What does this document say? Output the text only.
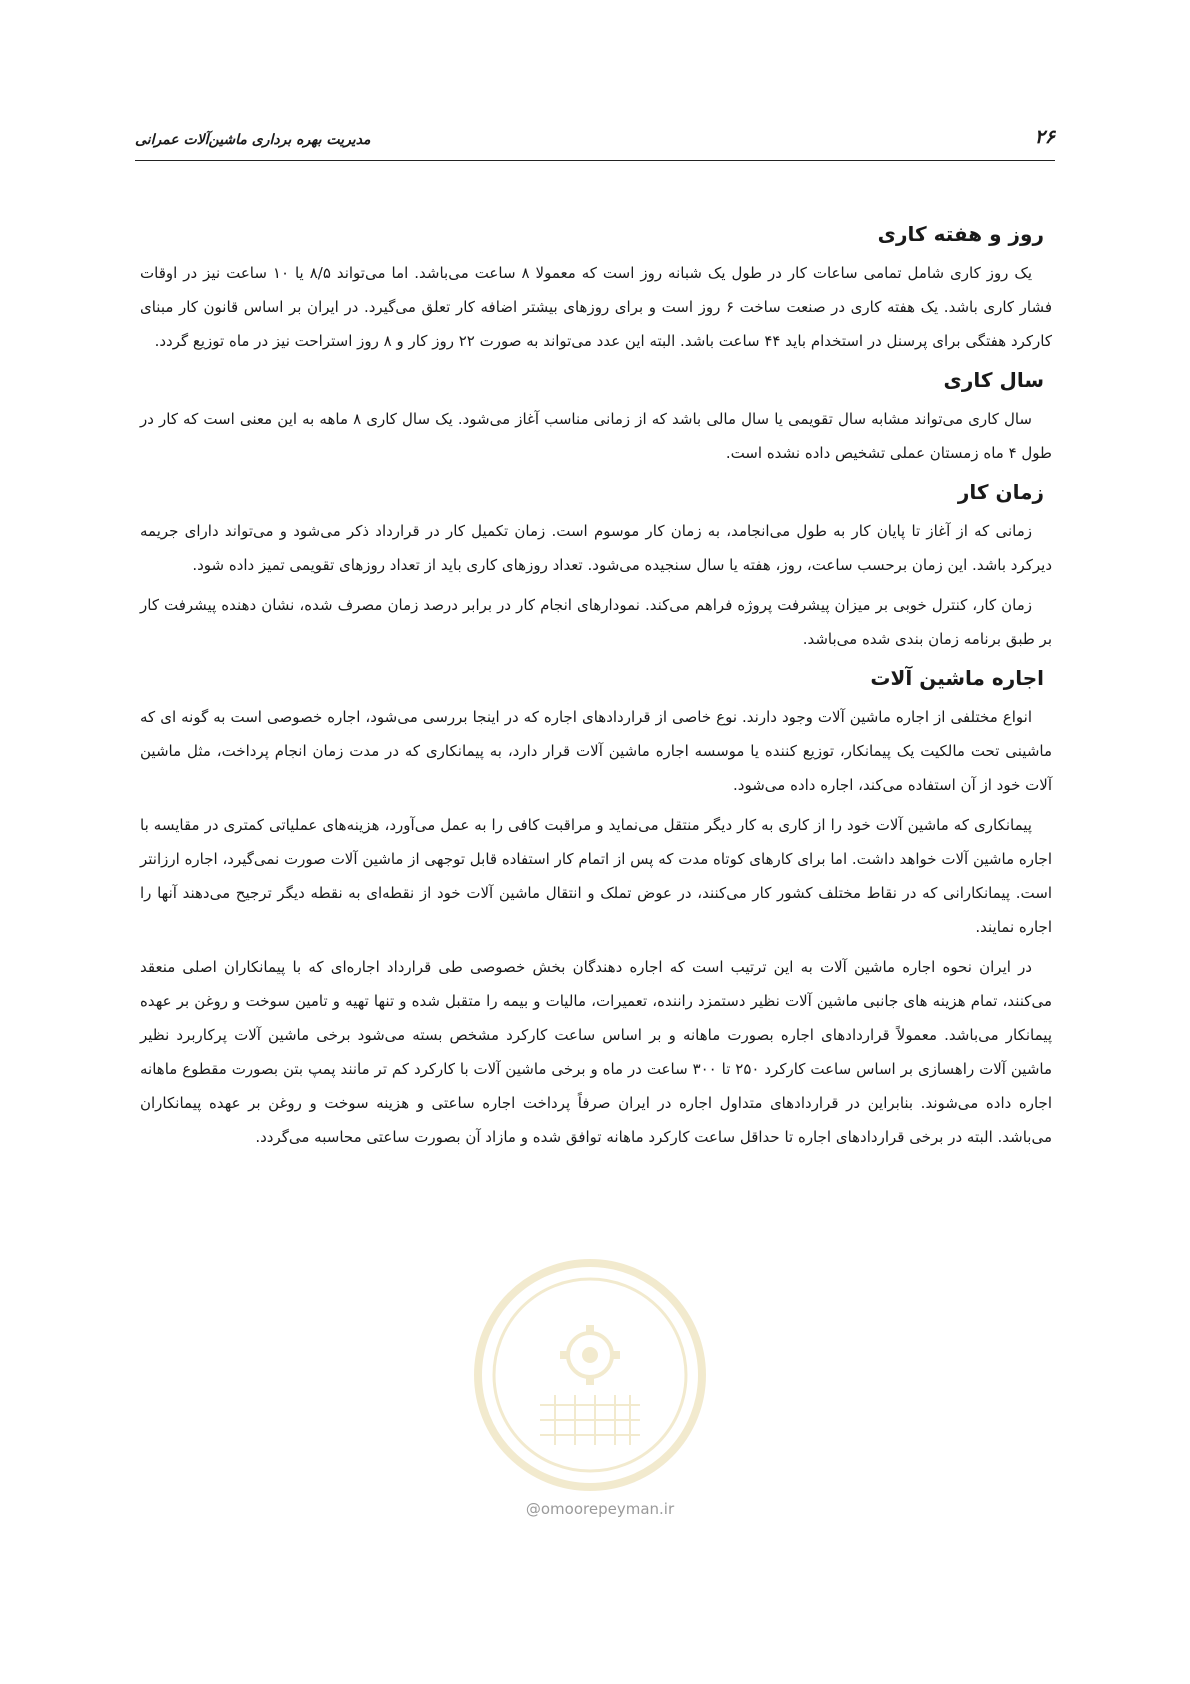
۲۶
مدیریت بهره برداری ماشین‌آلات عمرانی
روز و هفته کاری

یک روز کاری شامل تمامی ساعات کار در طول یک شبانه روز است که معمولا ۸ ساعت می‌باشد. اما می‌تواند ۸/۵ یا ۱۰ ساعت نیز در اوقات فشار کاری باشد. یک هفته کاری در صنعت ساخت ۶ روز است و برای روزهای بیشتر اضافه کار تعلق می‌گیرد. در ایران بر اساس قانون کار مبنای کارکرد هفتگی برای پرسنل در استخدام باید ۴۴ ساعت باشد. البته این عدد می‌تواند به صورت ۲۲ روز کار و ۸ روز استراحت نیز در ماه توزیع گردد.

سال کاری

سال کاری می‌تواند مشابه سال تقویمی یا سال مالی باشد که از زمانی مناسب آغاز می‌شود. یک سال کاری ۸ ماهه به این معنی است که کار در طول ۴ ماه زمستان عملی تشخیص داده نشده است.

زمان کار

زمانی که از آغاز تا پایان کار به طول می‌انجامد، به زمان کار موسوم است. زمان تکمیل کار در قرارداد ذکر می‌شود و می‌تواند دارای جریمه دیرکرد باشد. این زمان برحسب ساعت، روز، هفته یا سال سنجیده می‌شود. تعداد روزهای کاری باید از تعداد روزهای تقویمی تمیز داده شود.

زمان کار، کنترل خوبی بر میزان پیشرفت پروژه فراهم می‌کند. نمودارهای انجام کار در برابر درصد زمان مصرف شده، نشان دهنده پیشرفت کار بر طبق برنامه زمان بندی شده می‌باشد.

اجاره ماشین آلات

انواع مختلفی از اجاره ماشین آلات وجود دارند. نوع خاصی از قراردادهای اجاره که در اینجا بررسی می‌شود، اجاره خصوصی است به گونه ای که ماشینی تحت مالکیت یک پیمانکار، توزیع کننده یا موسسه اجاره ماشین آلات قرار دارد، به پیمانکاری که در مدت زمان انجام پرداخت، مثل ماشین آلات خود از آن استفاده می‌کند، اجاره داده می‌شود.

پیمانکاری که ماشین آلات خود را از کاری به کار دیگر منتقل می‌نماید و مراقبت کافی را به عمل می‌آورد، هزینه‌های عملیاتی کمتری در مقایسه با اجاره ماشین آلات خواهد داشت. اما برای کارهای کوتاه مدت که پس از اتمام کار استفاده قابل توجهی از ماشین آلات صورت نمی‌گیرد، اجاره ارزانتر است. پیمانکارانی که در نقاط مختلف کشور کار می‌کنند، در عوض تملک و انتقال ماشین آلات خود از نقطه‌ای به نقطه دیگر ترجیح می‌دهند آنها را اجاره نمایند.

در ایران نحوه اجاره ماشین آلات به این ترتیب است که اجاره دهندگان بخش خصوصی طی قرارداد اجاره‌ای که با پیمانکاران اصلی منعقد می‌کنند، تمام هزینه های جانبی ماشین آلات نظیر دستمزد راننده، تعمیرات، مالیات و بیمه را متقبل شده و تنها تهیه و تامین سوخت و روغن بر عهده پیمانکار می‌باشد. معمولاً قراردادهای اجاره بصورت ماهانه و بر اساس ساعت کارکرد مشخص بسته می‌شود برخی ماشین آلات پرکاربرد نظیر ماشین آلات راهسازی بر اساس ساعت کارکرد ۲۵۰ تا ۳۰۰ ساعت در ماه و برخی ماشین آلات با کارکرد کم تر مانند پمپ بتن بصورت مقطوع ماهانه اجاره داده می‌شوند. بنابراین در قراردادهای متداول اجاره در ایران صرفاً پرداخت اجاره ساعتی و هزینه سوخت و روغن بر عهده پیمانکاران می‌باشد. البته در برخی قراردادهای اجاره تا حداقل ساعت کارکرد ماهانه توافق شده و مازاد آن بصورت ساعتی محاسبه می‌گردد.

@omoorepeyman.ir
